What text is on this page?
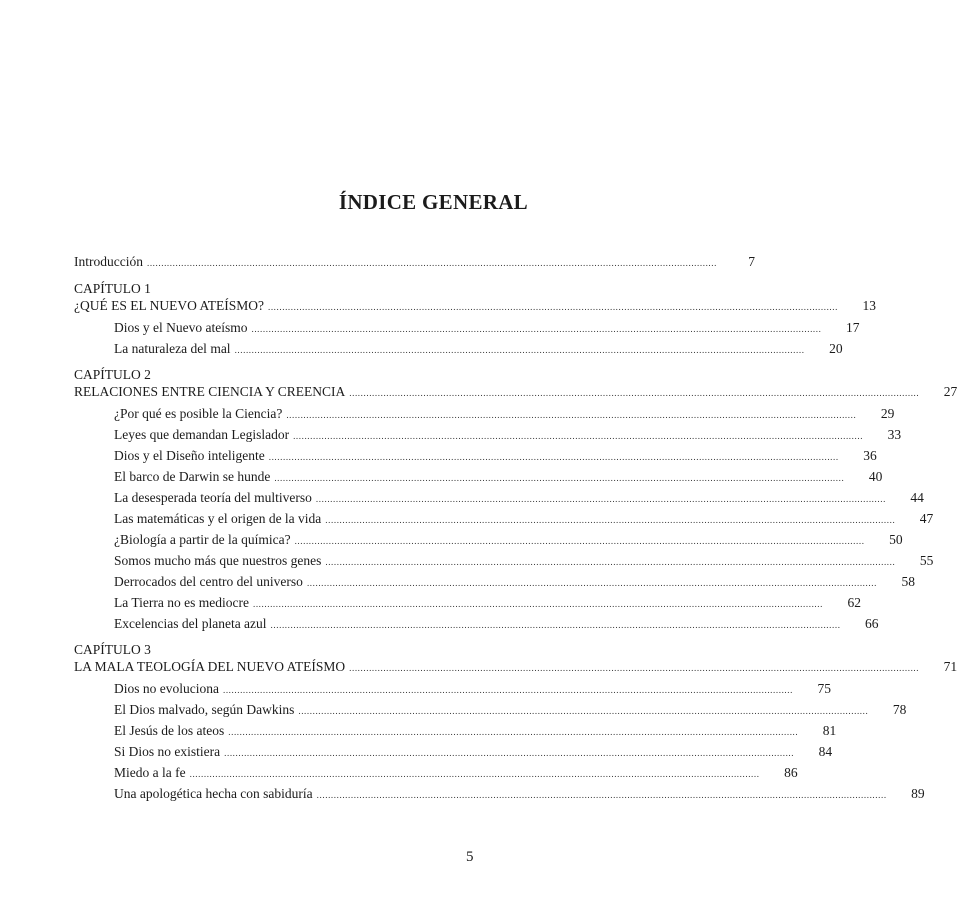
ÍNDICE GENERAL
Introducción ........................................................................................................................................................................................................	7
CAPÍTULO 1
¿QUÉ ES EL NUEVO ATEÍSMO? ........................................................................................................................................................................................................	13
Dios y el Nuevo ateísmo ........................................................................................................................................................................................................	17
La naturaleza del mal ........................................................................................................................................................................................................	20
CAPÍTULO 2
RELACIONES ENTRE CIENCIA Y CREENCIA ........................................................................................................................................................................................................	27
¿Por qué es posible la Ciencia? ........................................................................................................................................................................................................	29
Leyes que demandan Legislador ........................................................................................................................................................................................................	33
Dios y el Diseño inteligente ........................................................................................................................................................................................................	36
El barco de Darwin se hunde ........................................................................................................................................................................................................	40
La desesperada teoría del multiverso ........................................................................................................................................................................................................	44
Las matemáticas y el origen de la vida ........................................................................................................................................................................................................	47
¿Biología a partir de la química? ........................................................................................................................................................................................................	50
Somos mucho más que nuestros genes ........................................................................................................................................................................................................	55
Derrocados del centro del universo ........................................................................................................................................................................................................	58
La Tierra no es mediocre ........................................................................................................................................................................................................	62
Excelencias del planeta azul ........................................................................................................................................................................................................	66
CAPÍTULO 3
LA MALA TEOLOGÍA DEL NUEVO ATEÍSMO ........................................................................................................................................................................................................	71
Dios no evoluciona ........................................................................................................................................................................................................	75
El Dios malvado, según Dawkins ........................................................................................................................................................................................................	78
El Jesús de los ateos ........................................................................................................................................................................................................	81
Si Dios no existiera ........................................................................................................................................................................................................	84
Miedo a la fe ........................................................................................................................................................................................................	86
Una apologética hecha con sabiduría ........................................................................................................................................................................................................	89
5
